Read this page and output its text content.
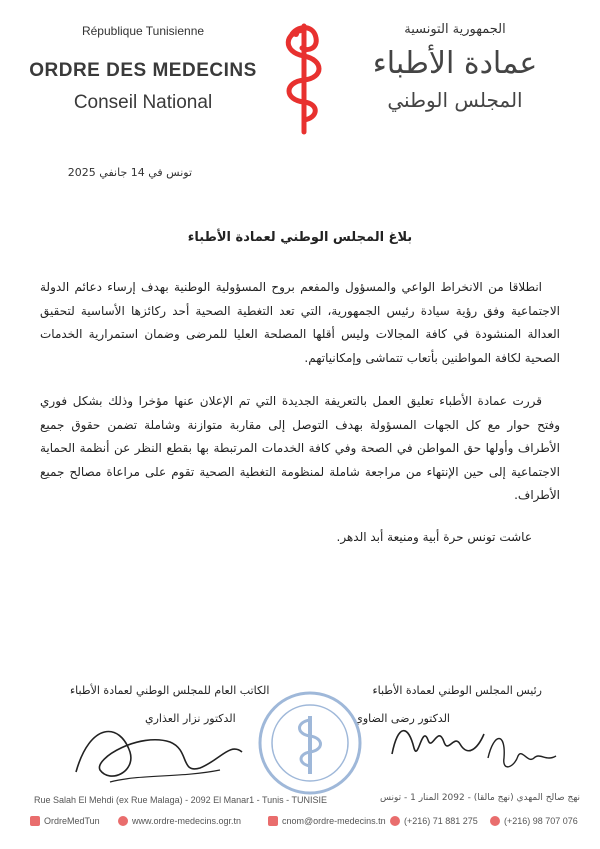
République Tunisienne
ORDRE DES MEDECINS
Conseil National
الجمهورية التونسية
عمادة الأطباء
المجلس الوطني
تونس في 14 جانفي 2025
بلاغ المجلس الوطني لعمادة الأطباء

انطلاقا من الانخراط الواعي والمسؤول والمفعم بروح المسؤولية الوطنية بهدف إرساء دعائم الدولة الاجتماعية وفق رؤية سيادة رئيس الجمهورية، التي تعد التغطية الصحية أحد ركائزها الأساسية لتحقيق العدالة المنشودة في كافة المجالات وليس أقلها المصلحة العليا للمرضى وضمان استمرارية الخدمات الصحية لكافة المواطنين بأتعاب تتماشى وإمكانياتهم.

قررت عمادة الأطباء تعليق العمل بالتعريفة الجديدة التي تم الإعلان عنها مؤخرا وذلك بشكل فوري وفتح حوار مع كل الجهات المسؤولة بهدف التوصل إلى مقاربة متوازنة وشاملة تضمن حقوق جميع الأطراف وأولها حق المواطن في الصحة وفي كافة الخدمات المرتبطة بها بقطع النظر عن أنظمة الحماية الاجتماعية إلى حين الإنتهاء من مراجعة شاملة لمنظومة التغطية الصحية تقوم على مراعاة مصالح جميع الأطراف.

عاشت تونس حرة أبية ومنيعة أبد الدهر.

الكاتب العام للمجلس الوطني لعمادة الأطباء
الدكتور نزار العذاري
رئيس المجلس الوطني لعمادة الأطباء
الدكتور رضى الضاوي
Rue Salah El Mehdi (ex Rue Malaga) - 2092 El Manar1 - Tunis - TUNISIE	نهج صالح المهدي (نهج مالقا) - 2092 المنار 1 - تونس
OrdreMedTun	www.ordre-medecins.ogr.tn	cnom@ordre-medecins.tn (+216) 71 881 275	(+216) 98 707 076
